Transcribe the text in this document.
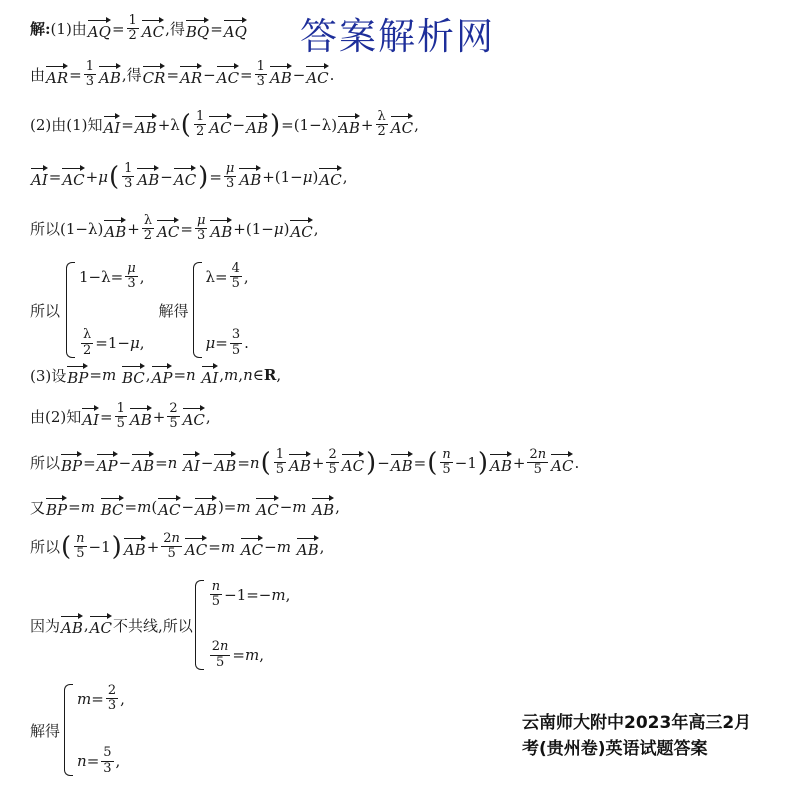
答案解析网
解: (1)由 AQ = 1
2 AC ,得 BQ = AQ
由 AR = 1
3 AB ,得 CR = AR − AC = 1
3 AB − AC .
(2)由(1)知 AI = AB + λ ( 1
2 AC − AB ) =(1− λ ) AB + λ
2 AC ,
AI = AC + μ ( 1
3 AB − AC ) = μ
3 AB +(1− μ ) AC ,
所以 (1− λ ) AB + λ
2 AC = μ
3 AB +(1− μ ) AC ,
所以
1− λ = μ
3 ,
λ
2 =1− μ ,
解得
λ = 4
5 ,
μ = 3
5 .
(3)设 BP = m
BC , AP = n
AI , m , n ∈ R ,
由(2)知 AI = 1
5 AB + 2
5 AC ,
所以 BP = AP − AB = n
AI − AB = n ( 1
5 AB + 2
5 AC ) − AB = ( n
5 −1 ) AB + 2n
5 AC .
又 BP = m
BC = m ( AC − AB )= m
AC − m
AB ,
所以 ( n
5 −1 ) AB + 2n
5 AC = m
AC − m
AB ,
因为 AB , AC 不共线,所以
n
5 −1=− m ,
2n
5 = m ,
解得
m = 2
3 ,
n = 5
3 ,
云南师大附中2023年高三2月
考(贵州卷)英语试题答案
